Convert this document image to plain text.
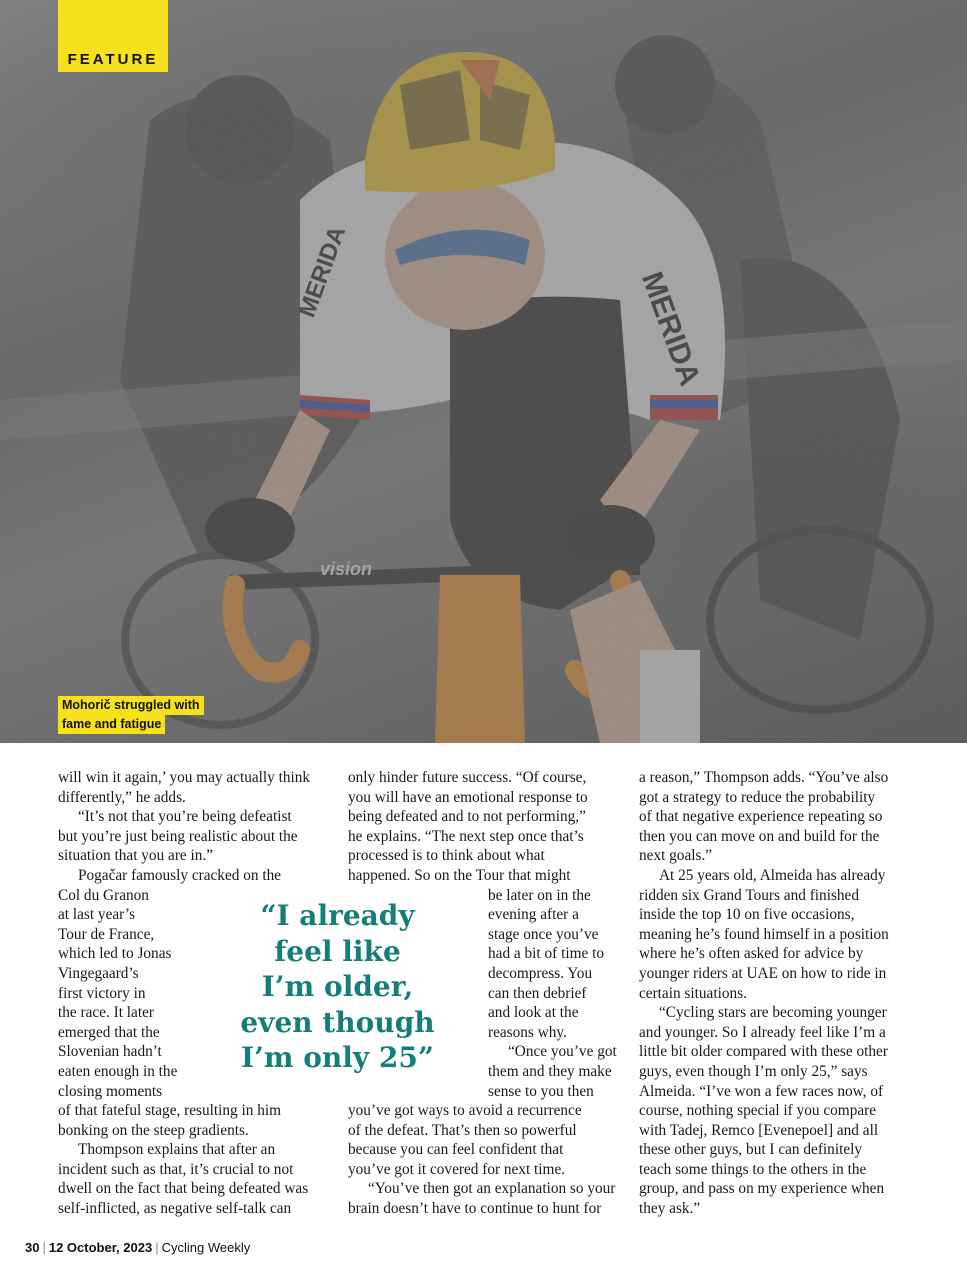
FEATURE
Mohorič struggled with
fame and fatigue

will win it again,’ you may actually think

differently,” he adds.

“It’s not that you’re being defeatist

but you’re just being realistic about the

situation that you are in.”

Pogačar famously cracked on the

Col du Granon

at last year’s

Tour de France,

which led to Jonas

Vingegaard’s

first victory in

the race. It later

emerged that the

Slovenian hadn’t

eaten enough in the

closing moments

of that fateful stage, resulting in him

bonking on the steep gradients.

Thompson explains that after an

incident such as that, it’s crucial to not

dwell on the fact that being defeated was

self-inflicted, as negative self-talk can

only hinder future success. “Of course,

you will have an emotional response to

being defeated and to not performing,”

he explains. “The next step once that’s

processed is to think about what

happened. So on the Tour that might

be later on in the

evening after a

stage once you’ve

had a bit of time to

decompress. You

can then debrief

and look at the

reasons why.

“Once you’ve got

them and they make

sense to you then

you’ve got ways to avoid a recurrence

of the defeat. That’s then so powerful

because you can feel confident that

you’ve got it covered for next time.

“You’ve then got an explanation so your

brain doesn’t have to continue to hunt for

“I already
feel like
I’m older,
even though
I’m only 25”

a reason,” Thompson adds. “You’ve also

got a strategy to reduce the probability

of that negative experience repeating so

then you can move on and build for the

next goals.”

At 25 years old, Almeida has already

ridden six Grand Tours and finished

inside the top 10 on five occasions,

meaning he’s found himself in a position

where he’s often asked for advice by

younger riders at UAE on how to ride in

certain situations.

“Cycling stars are becoming younger

and younger. So I already feel like I’m a

little bit older compared with these other

guys, even though I’m only 25,” says

Almeida. “I’ve won a few races now, of

course, nothing special if you compare

with Tadej, Remco [Evenepoel] and all

these other guys, but I can definitely

teach some things to the others in the

group, and pass on my experience when

they ask.”

30 | 12 October, 2023 | Cycling Weekly
